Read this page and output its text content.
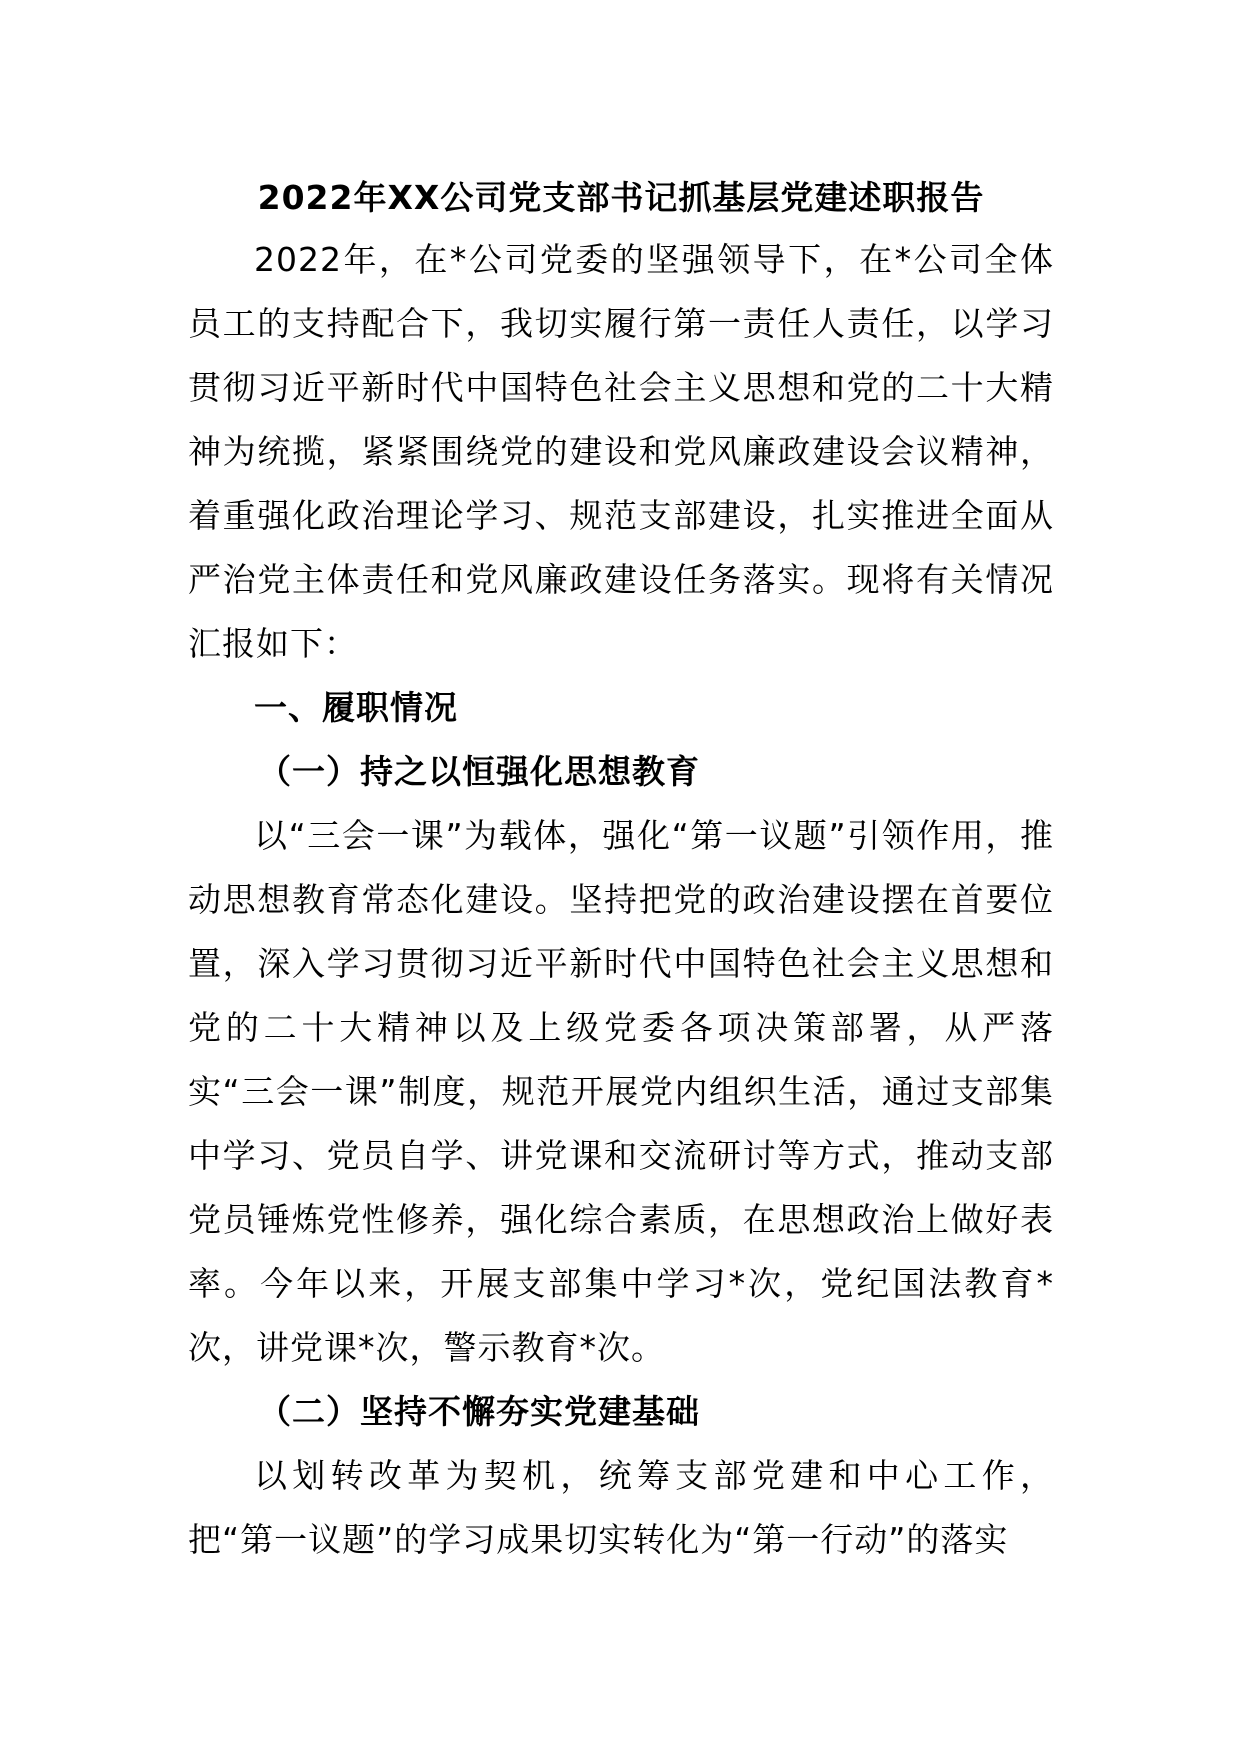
2022年XX公司党支部书记抓基层党建述职报告

2022年，在*公司党委的坚强领导下，在*公司全体员工的支持配合下，我切实履行第一责任人责任，以学习贯彻习近平新时代中国特色社会主义思想和党的二十大精神为统揽，紧紧围绕党的建设和党风廉政建设会议精神，着重强化政治理论学习、规范支部建设，扎实推进全面从严治党主体责任和党风廉政建设任务落实。现将有关情况汇报如下：

一、履职情况
（一）持之以恒强化思想教育

以“三会一课”为载体，强化“第一议题”引领作用，推动思想教育常态化建设。坚持把党的政治建设摆在首要位置，深入学习贯彻习近平新时代中国特色社会主义思想和党的二十大精神以及上级党委各项决策部署，从严落实“三会一课”制度，规范开展党内组织生活，通过支部集中学习、党员自学、讲党课和交流研讨等方式，推动支部党员锤炼党性修养，强化综合素质，在思想政治上做好表率。今年以来，开展支部集中学习*次，党纪国法教育*次，讲党课*次，警示教育*次。

（二）坚持不懈夯实党建基础

以划转改革为契机，统筹支部党建和中心工作，把“第一议题”的学习成果切实转化为“第一行动”的落实
